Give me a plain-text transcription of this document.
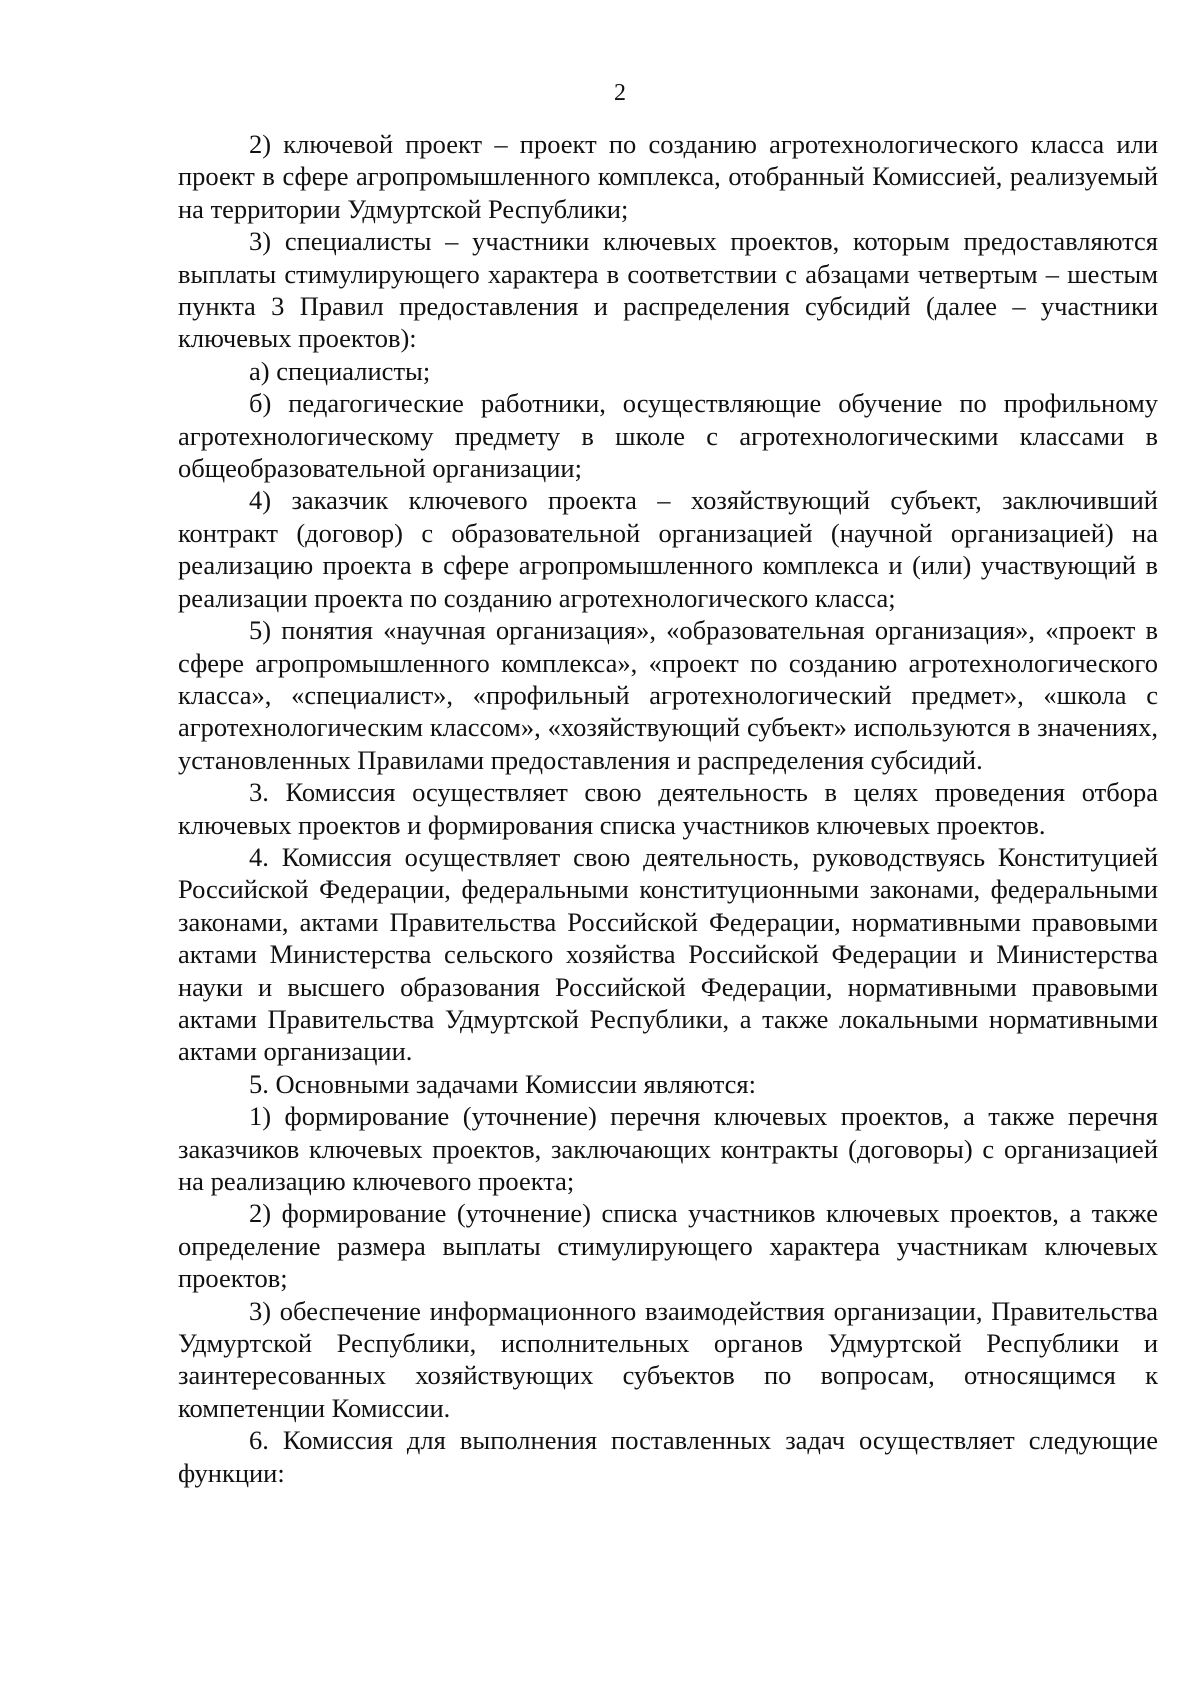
2

2) ключевой проект – проект по созданию агротехнологического класса или проект в сфере агропромышленного комплекса, отобранный Комиссией, реализуемый на территории Удмуртской Республики;

3) специалисты – участники ключевых проектов, которым предоставляются выплаты стимулирующего характера в соответствии с абзацами четвертым – шестым пункта 3 Правил предоставления и распределения субсидий (далее – участники ключевых проектов):

а) специалисты;

б) педагогические работники, осуществляющие обучение по профильному агротехнологическому предмету в школе с агротехнологическими классами в общеобразовательной организации;

4) заказчик ключевого проекта – хозяйствующий субъект, заключивший контракт (договор) с образовательной организацией (научной организацией) на реализацию проекта в сфере агропромышленного комплекса и (или) участвующий в реализации проекта по созданию агротехнологического класса;

5) понятия «научная организация», «образовательная организация», «проект в сфере агропромышленного комплекса», «проект по созданию агротехнологического класса», «специалист», «профильный агротехнологический предмет», «школа с агротехнологическим классом», «хозяйствующий субъект» используются в значениях, установленных Правилами предоставления и распределения субсидий.

3. Комиссия осуществляет свою деятельность в целях проведения отбора ключевых проектов и формирования списка участников ключевых проектов.

4. Комиссия осуществляет свою деятельность, руководствуясь Конституцией Российской Федерации, федеральными конституционными законами, федеральными законами, актами Правительства Российской Федерации, нормативными правовыми актами Министерства сельского хозяйства Российской Федерации и Министерства науки и высшего образования Российской Федерации, нормативными правовыми актами Правительства Удмуртской Республики, а также локальными нормативными актами организации.

5. Основными задачами Комиссии являются:

1) формирование (уточнение) перечня ключевых проектов, а также перечня заказчиков ключевых проектов, заключающих контракты (договоры) с организацией на реализацию ключевого проекта;

2) формирование (уточнение) списка участников ключевых проектов, а также определение размера выплаты стимулирующего характера участникам ключевых проектов;

3) обеспечение информационного взаимодействия организации, Правительства Удмуртской Республики, исполнительных органов Удмуртской Республики и заинтересованных хозяйствующих субъектов по вопросам, относящимся к компетенции Комиссии.

6. Комиссия для выполнения поставленных задач осуществляет следующие функции:
